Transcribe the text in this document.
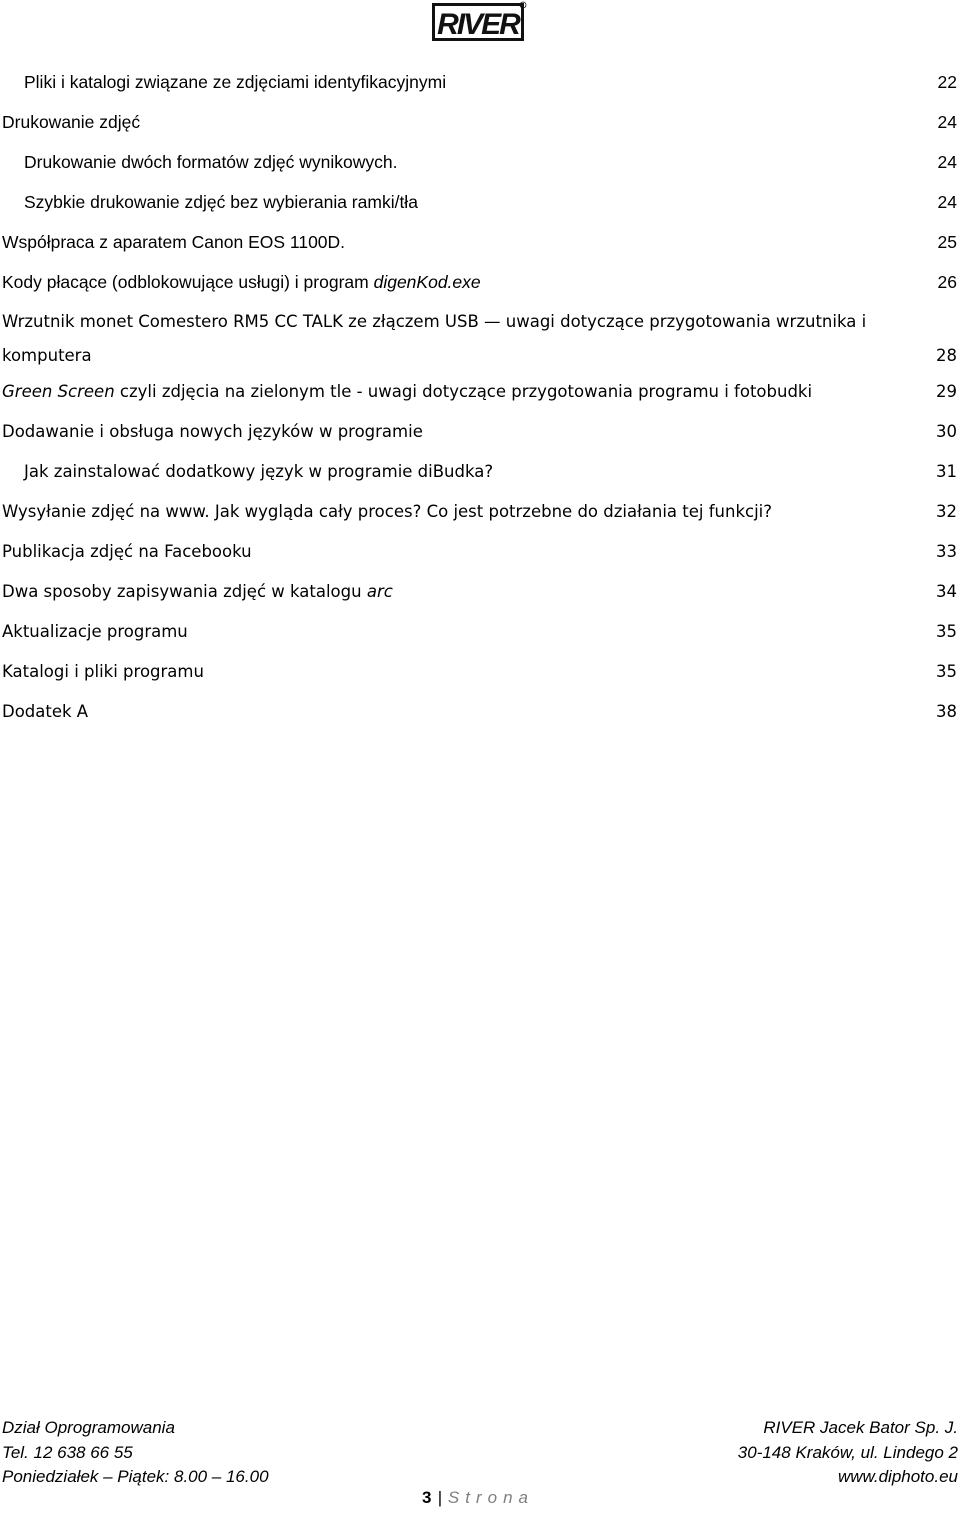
RIVER
Pliki i katalogi związane ze zdjęciami identyfikacyjnymi . . .	22
Drukowanie zdjęć . . .	24
Drukowanie dwóch formatów zdjęć wynikowych. . . .	24
Szybkie drukowanie zdjęć bez wybierania ramki/tła . . .	24
Współpraca z aparatem Canon EOS 1100D. . . .	25
Kody płacące (odblokowujące usługi) i program digenKod.exe . . .	26
Wrzutnik monet Comestero RM5 CC TALK ze złączem USB — uwagi dotyczące przygotowania wrzutnika i
komputera . . .	28
Green Screen czyli zdjęcia na zielonym tle - uwagi dotyczące przygotowania programu i fotobudki . . .	29
Dodawanie i obsługa nowych języków w programie . . .	30
Jak zainstalować dodatkowy język w programie diBudka? . . .	31
Wysyłanie zdjęć na www. Jak wygląda cały proces? Co jest potrzebne do działania tej funkcji? . . .	32
Publikacja zdjęć na Facebooku . . .	33
Dwa sposoby zapisywania zdjęć w katalogu arc . . .	34
Aktualizacje programu . . .	35
Katalogi i pliki programu . . .	35
Dodatek A . . .	38
Dział Oprogramowania
Tel. 12 638 66 55
Poniedziałek – Piątek: 8.00 – 16.00
RIVER Jacek Bator Sp. J.
30-148 Kraków, ul. Lindego 2
www.diphoto.eu
3 | Strona
